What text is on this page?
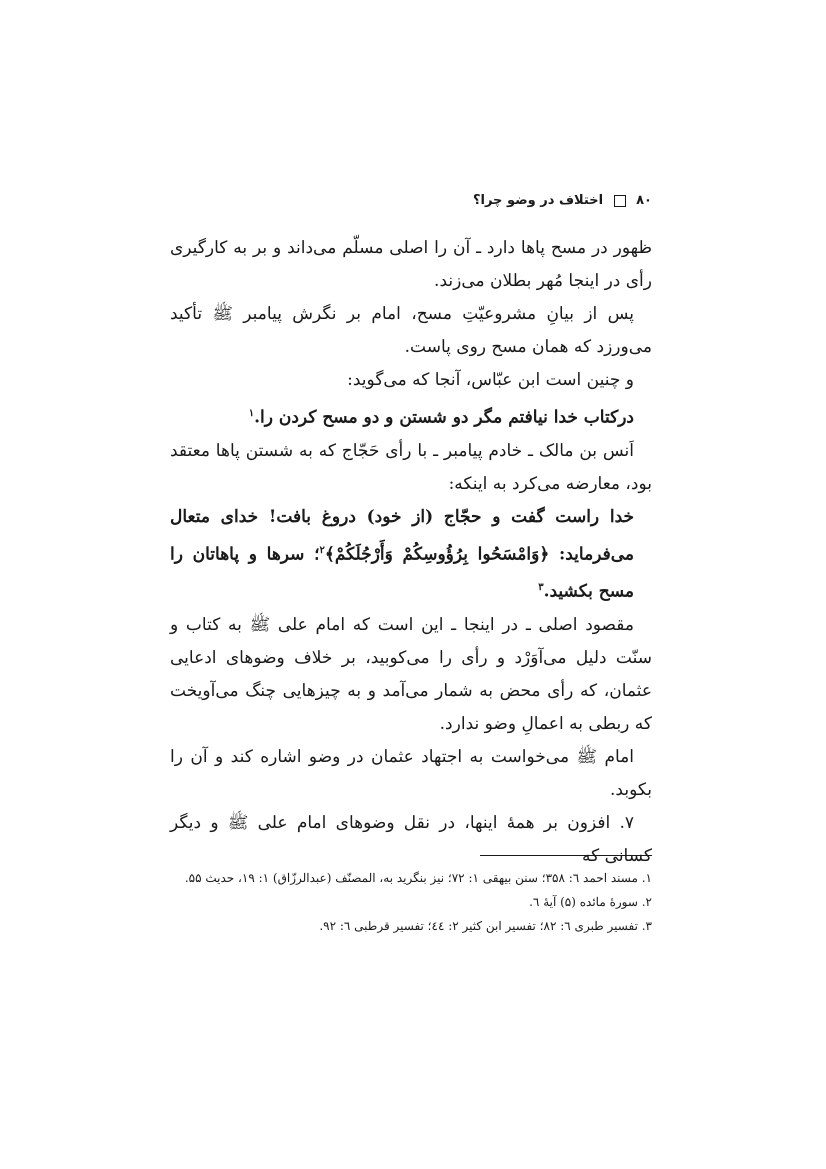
۸۰  اختلاف در وضو چرا؟

ظهور در مسح پاها دارد ـ آن را اصلی مسلّم می‌داند و بر به کارگیری رأی در اینجا مُهر بطلان می‌زند.

پس از بیانِ مشروعیّتِ مسح، امام بر نگرش پیامبر ﷺ تأکید می‌ورزد که همان مسح روی پاست.

و چنین است ابن عبّاس، آنجا که می‌گوید:

درکتاب خدا نیافتم مگر دو شستن و دو مسح کردن را.$^۱$

اَنس بن مالک ـ خادم پیامبر ـ با رأی حَجّاج که به شستن پاها معتقد بود، معارضه می‌کرد به اینکه:

خدا راست گفت و حجّاج (از خود) دروغ بافت! خدای متعال می‌فرماید: ﴿وَامْسَحُوا بِرُؤُوسِكُمْ وَأَرْجُلَكُمْ﴾$^۲$؛ سرها و پاهاتان را مسح بکشید.$^۳$

مقصود اصلی ـ در اینجا ـ این است که امام علی ﷺ به کتاب و سنّت دلیل می‌آوَرْد و رأی را می‌کوبید، بر خلاف وضوهای ادعایی عثمان، که رأی محض به شمار می‌آمد و به چیزهایی چنگ می‌آویخت که ربطی به اعمالِ وضو ندارد.

امام ﷺ می‌خواست به اجتهاد عثمان در وضو اشاره کند و آن را بکوبد.

۷. افزون بر همهٔ اینها، در نقل وضوهای امام علی ﷺ و دیگر کسانی که

۱. مسند احمد ٦: ۳۵۸؛ سنن بیهقی ۱: ۷۲؛ نیز بنگرید به، المصنّف (عبدالرزّاق) ۱: ۱۹، حدیث ۵۵.

۲. سورهٔ مائده (۵) آیهٔ ٦.

۳. تفسیر طبری ٦: ۸۲؛ تفسیر ابن کثیر ۲: ٤٤؛ تفسیر قرطبی ٦: ۹۲.
